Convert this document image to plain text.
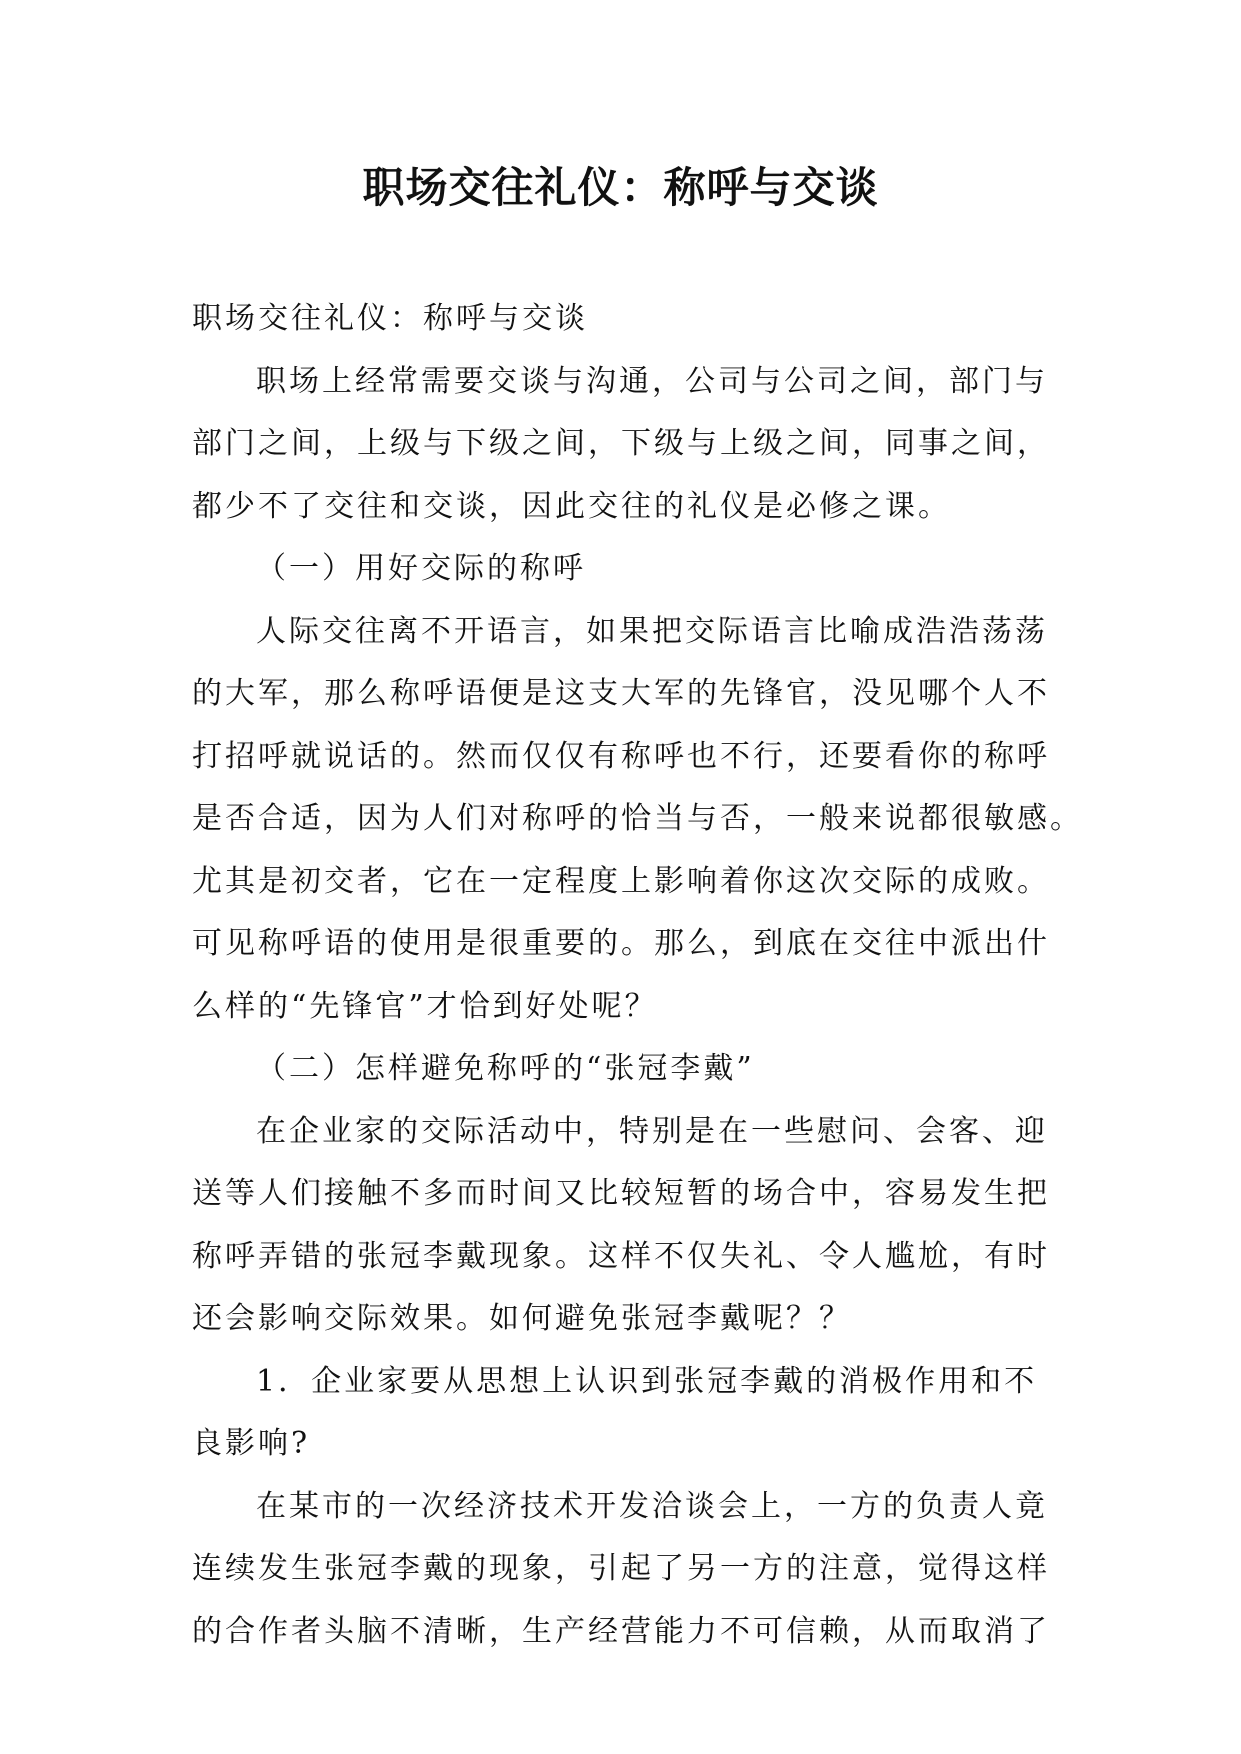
职场交往礼仪：称呼与交谈
职场交往礼仪：称呼与交谈
职场上经常需要交谈与沟通，公司与公司之间，部门与
部门之间，上级与下级之间，下级与上级之间，同事之间，
都少不了交往和交谈，因此交往的礼仪是必修之课。
（一）用好交际的称呼
人际交往离不开语言，如果把交际语言比喻成浩浩荡荡
的大军，那么称呼语便是这支大军的先锋官，没见哪个人不
打招呼就说话的。然而仅仅有称呼也不行，还要看你的称呼
是否合适，因为人们对称呼的恰当与否，一般来说都很敏感。
尤其是初交者，它在一定程度上影响着你这次交际的成败。
可见称呼语的使用是很重要的。那么，到底在交往中派出什
么样的“先锋官”才恰到好处呢？
（二）怎样避免称呼的“张冠李戴”
在企业家的交际活动中，特别是在一些慰问、会客、迎
送等人们接触不多而时间又比较短暂的场合中，容易发生把
称呼弄错的张冠李戴现象。这样不仅失礼、令人尴尬，有时
还会影响交际效果。如何避免张冠李戴呢？？
1．企业家要从思想上认识到张冠李戴的消极作用和不
良影响?
在某市的一次经济技术开发洽谈会上，一方的负责人竟
连续发生张冠李戴的现象，引起了另一方的注意，觉得这样
的合作者头脑不清晰，生产经营能力不可信赖，从而取消了
